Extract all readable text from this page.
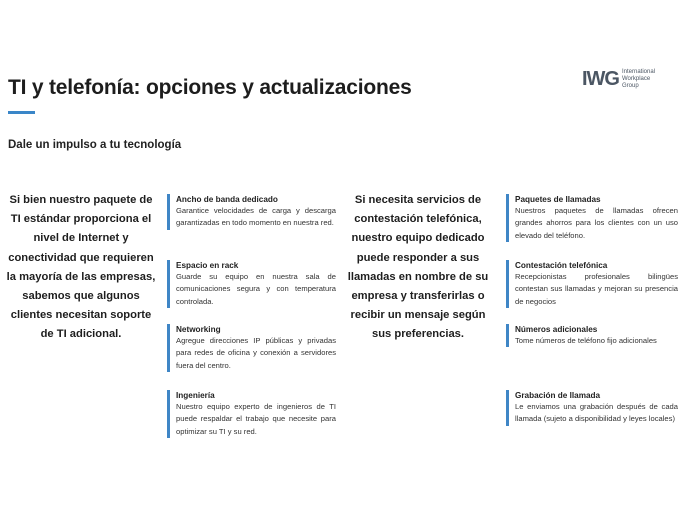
TI y telefonía: opciones y actualizaciones	IWG International
Workplace
Group
Dale un impulso a tu tecnología
Si bien nuestro paquete de TI estándar proporciona el nivel de Internet y conectividad que requieren la mayoría de las empresas, sabemos que algunos clientes necesitan soporte de TI adicional.
Ancho de banda dedicado
Garantice velocidades de carga y descarga garantizadas en todo momento en nuestra red.
Espacio en rack
Guarde su equipo en nuestra sala de comunicaciones segura y con temperatura controlada.
Networking
Agregue direcciones IP públicas y privadas para redes de oficina y conexión a servidores fuera del centro.
Ingeniería
Nuestro equipo experto de ingenieros de TI puede respaldar el trabajo que necesite para optimizar su TI y su red.
Si necesita servicios de contestación telefónica, nuestro equipo dedicado puede responder a sus llamadas en nombre de su empresa y transferirlas o recibir un mensaje según sus preferencias.
Paquetes de llamadas
Nuestros paquetes de llamadas ofrecen grandes ahorros para los clientes con un uso elevado del teléfono.
Contestación telefónica
Recepcionistas profesionales bilingües contestan sus llamadas y mejoran su presencia de negocios
Números adicionales
Tome números de teléfono fijo adicionales
Grabación de llamada
Le enviamos una grabación después de cada llamada (sujeto a disponibilidad y leyes locales)
